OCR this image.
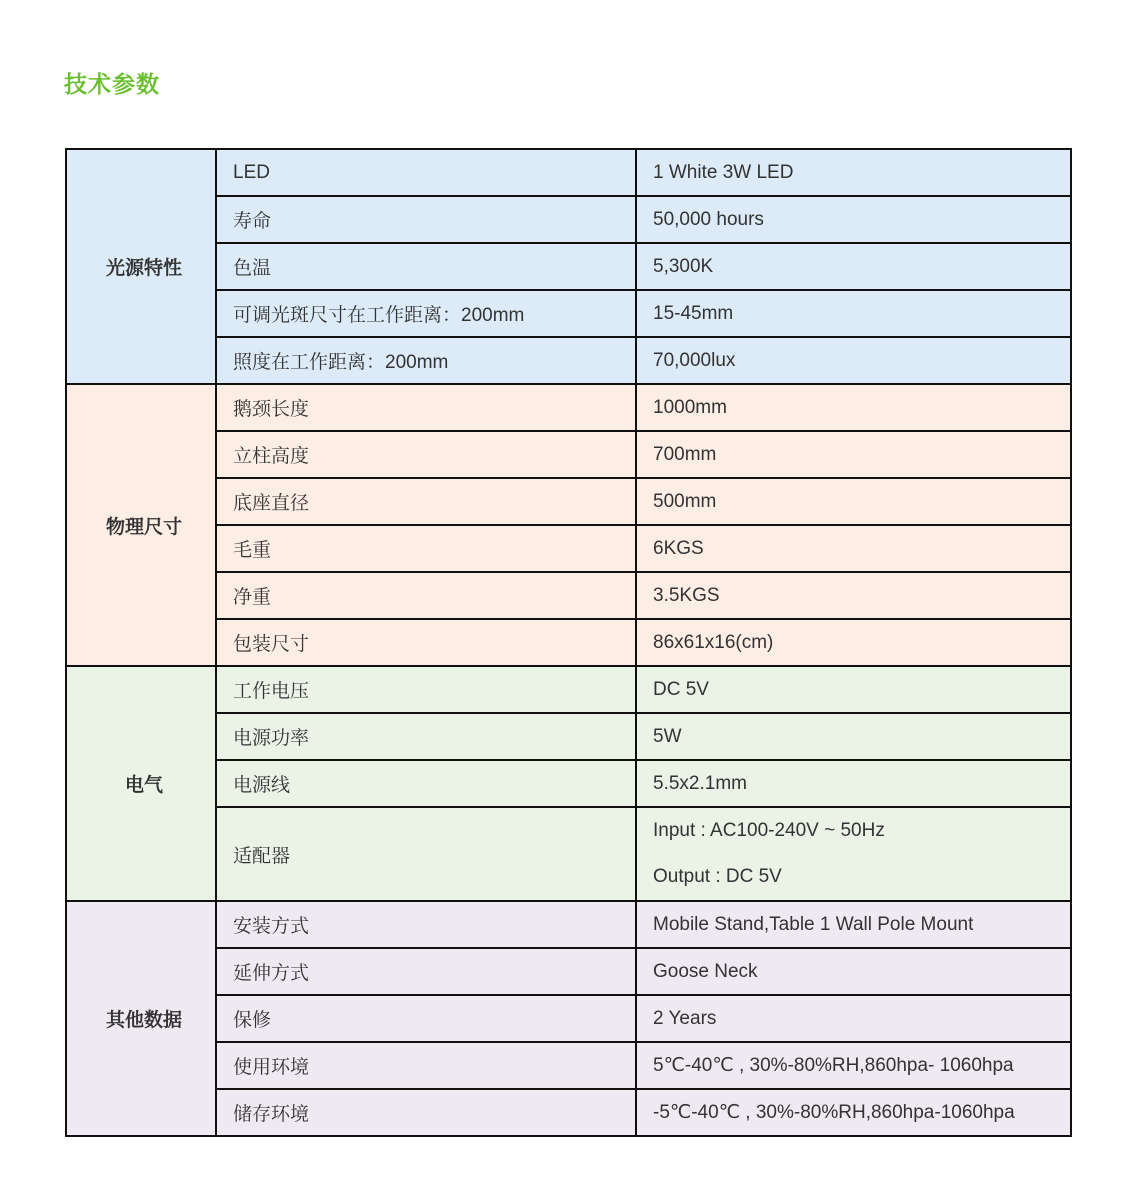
技术参数
光源特性	LED	1 White 3W LED
	寿命	50,000 hours
	色温	5,300K
	可调光斑尺寸在工作距离：200mm	15-45mm
	照度在工作距离：200mm	70,000lux
物理尺寸	鹅颈长度	1000mm
	立柱高度	700mm
	底座直径	500mm
	毛重	6KGS
	净重	3.5KGS
	包装尺寸	86x61x16(cm)
电气	工作电压	DC 5V
	电源功率	5W
	电源线	5.5x2.1mm
	适配器	Input : AC100-240V ~ 50Hz
Output : DC 5V

其他数据	安装方式	Mobile Stand,Table 1 Wall Pole Mount
	延伸方式	Goose Neck
	保修	2 Years
	使用环境	5℃-40℃ , 30%-80%RH,860hpa- 1060hpa
	储存环境	-5℃-40℃ , 30%-80%RH,860hpa-1060hpa
